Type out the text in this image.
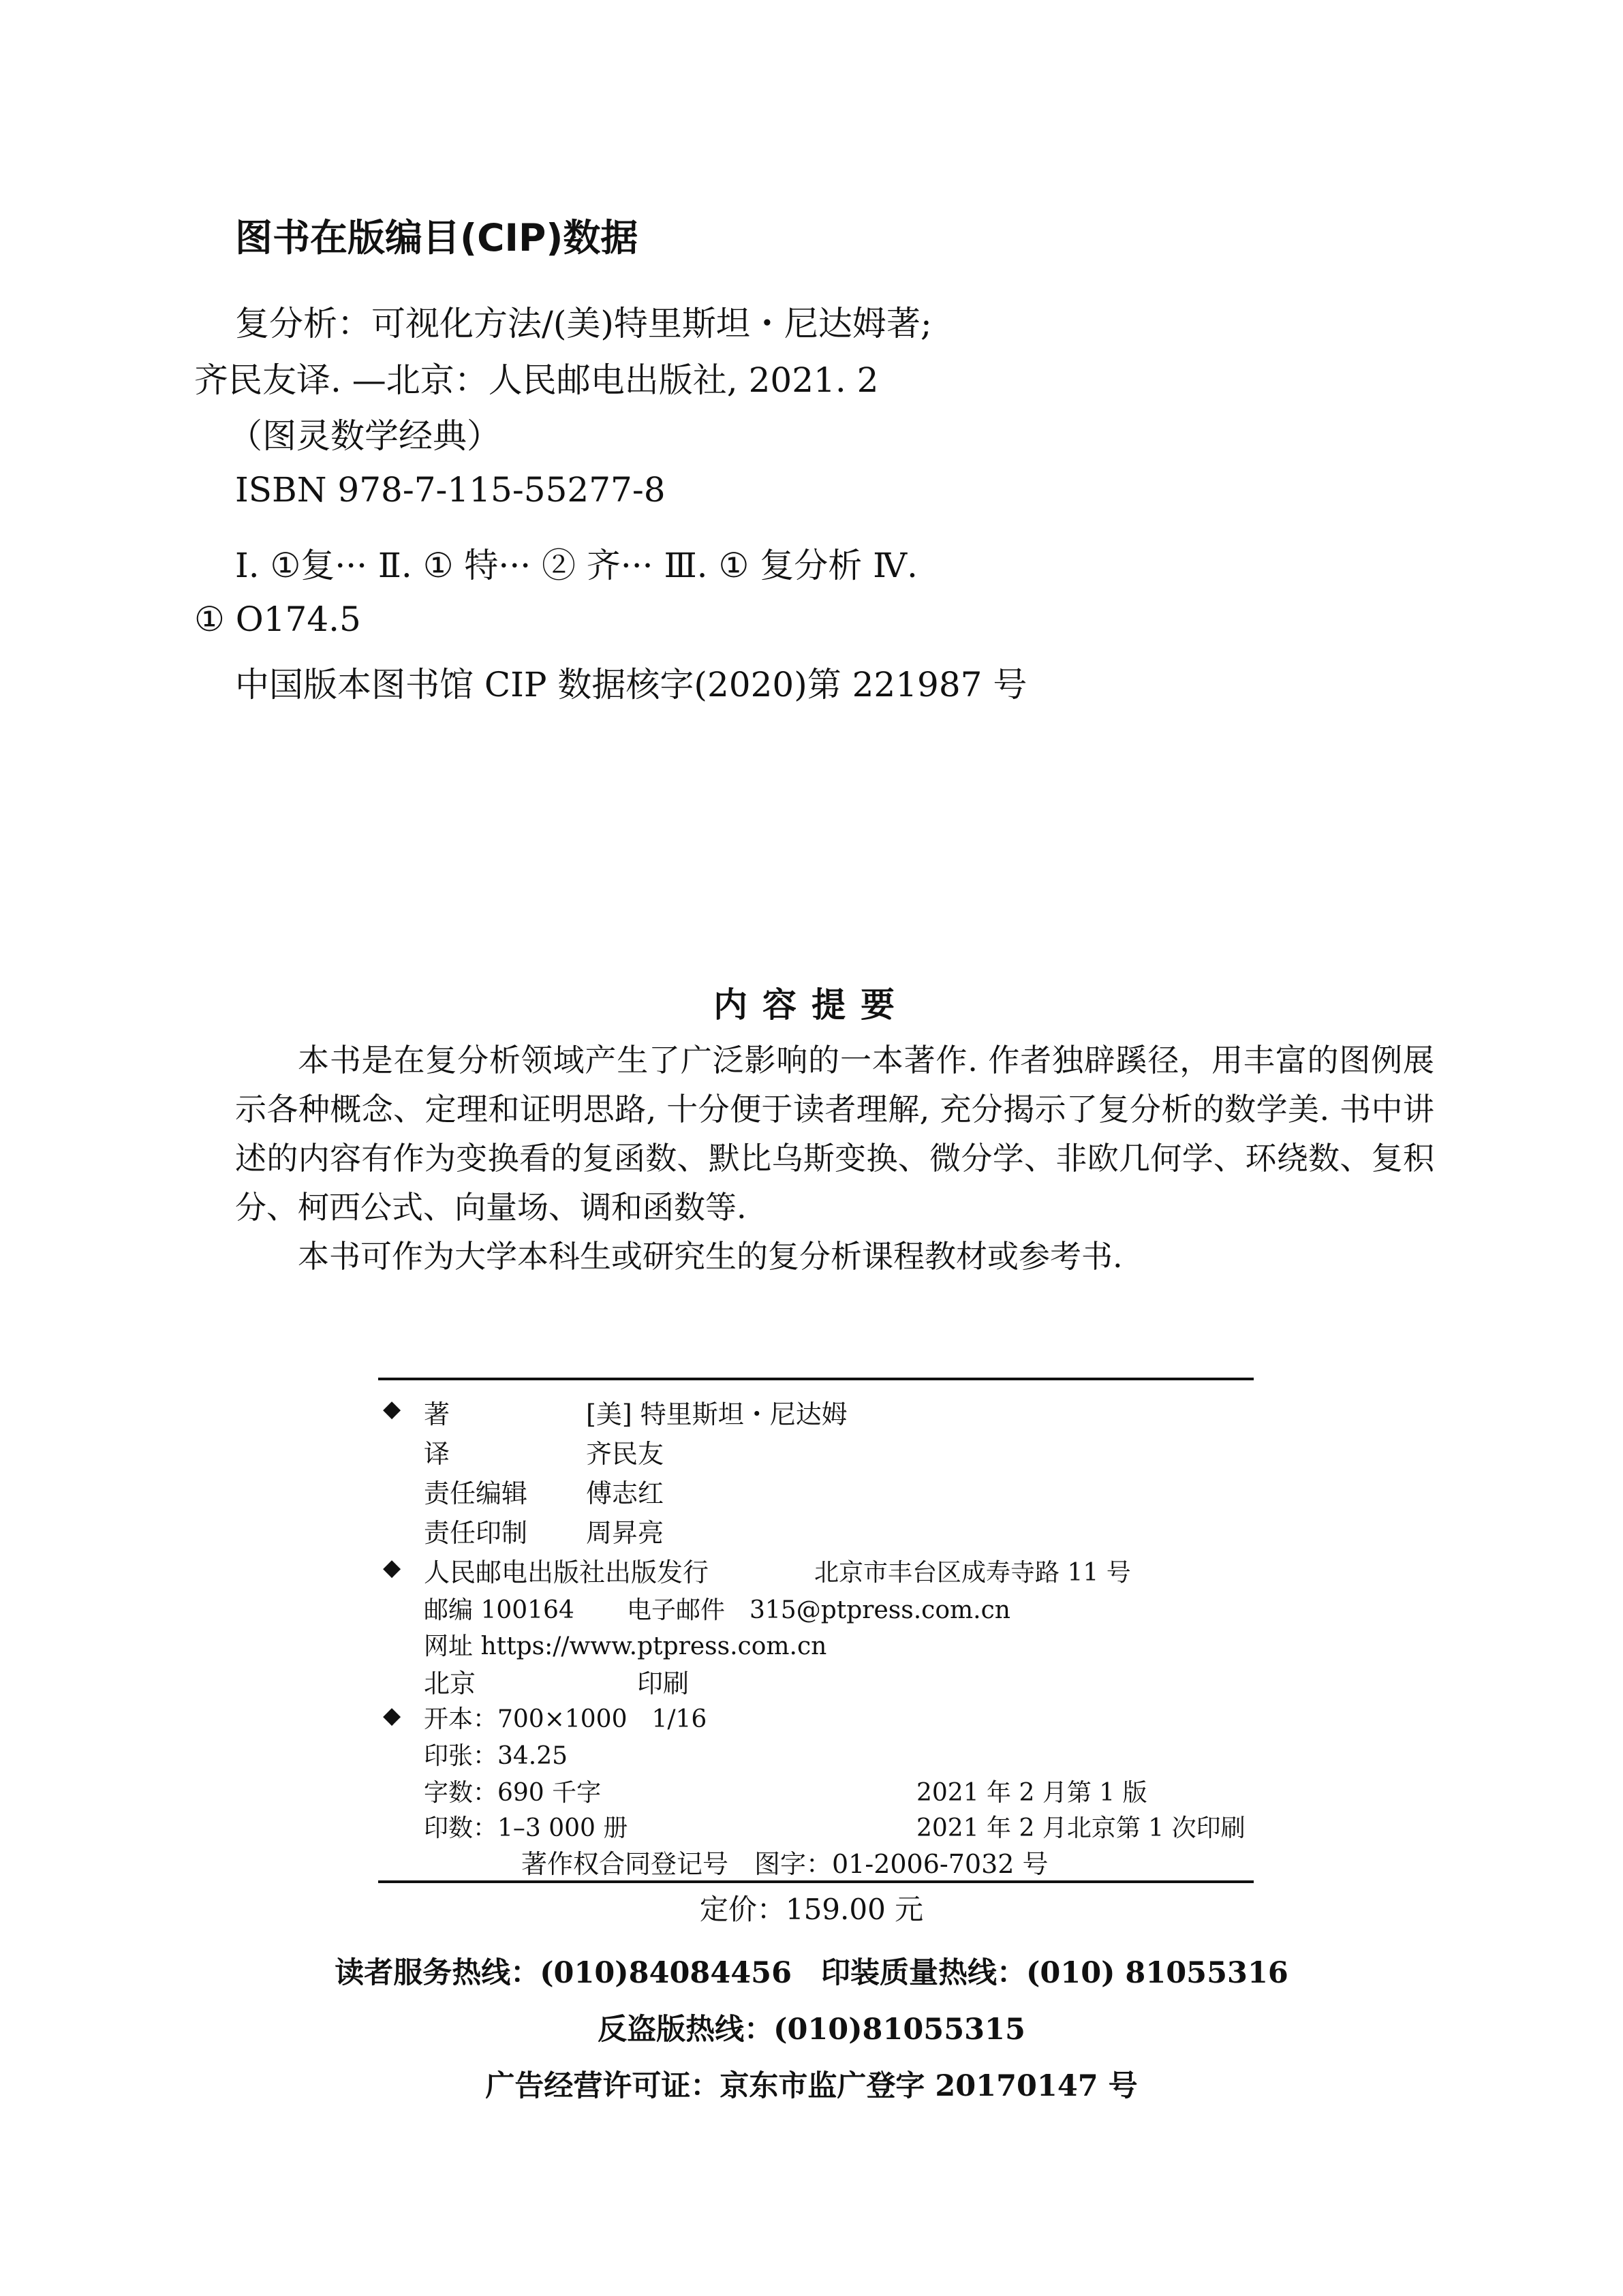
图书在版编目(CIP)数据
复分析：可视化方法/(美)特里斯坦・尼达姆著;
齐民友译. —北京：人民邮电出版社, 2021. 2
（图灵数学经典）
ISBN 978-7-115-55277-8
Ⅰ. ①复··· Ⅱ. ① 特··· ② 齐··· Ⅲ. ① 复分析 Ⅳ.
① O174.5
中国版本图书馆 CIP 数据核字(2020)第 221987 号
内容提要

本书是在复分析领域产生了广泛影响的一本著作. 作者独辟蹊径，用丰富的图例展示各种概念、定理和证明思路, 十分便于读者理解, 充分揭示了复分析的数学美. 书中讲述的内容有作为变换看的复函数、默比乌斯变换、微分学、非欧几何学、环绕数、复积分、柯西公式、向量场、调和函数等.

本书可作为大学本科生或研究生的复分析课程教材或参考书.

◆ 著	[美] 特里斯坦・尼达姆
译	齐民友
责任编辑 傅志红
责任印制 周昇亮
◆ 人民邮电出版社出版发行	北京市丰台区成寿寺路 11 号
邮编 100164 电子邮件　315@ptpress.com.cn
网址 https://www.ptpress.com.cn
北京	印刷
◆ 开本：700×1000　1/16
印张：34.25
字数：690 千字	2021 年 2 月第 1 版
印数：1–3 000 册	2021 年 2 月北京第 1 次印刷
著作权合同登记号　图字：01-2006-7032 号
定价：159.00 元
读者服务热线：(010)84084456　印装质量热线：(010) 81055316
反盗版热线：(010)81055315
广告经营许可证：京东市监广登字 20170147 号
